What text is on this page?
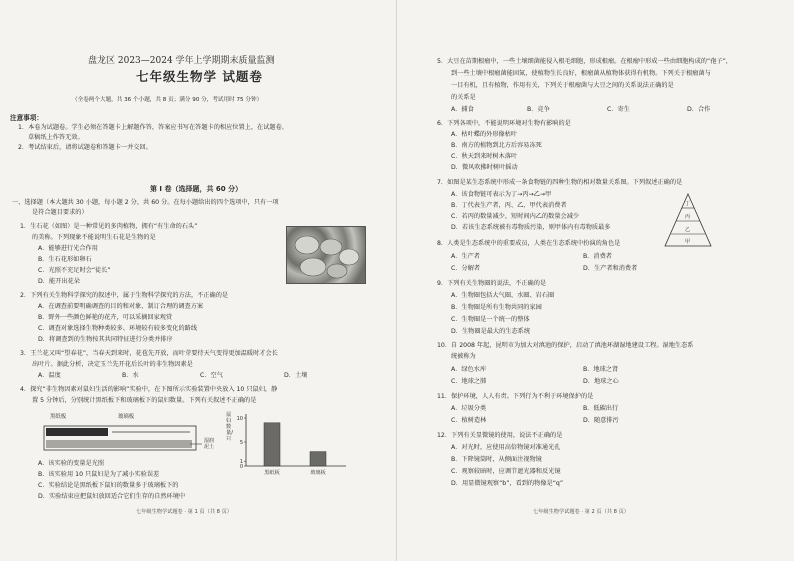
盘龙区 2023—2024 学年上学期期末质量监测
七年级生物学 试题卷
（全卷两个大题，共 36 个小题，共 8 页；满分 90 分，考试用时 75 分钟）
注意事项：
1．本卷为试题卷。学生必须在答题卡上解题作答，答案应书写在答题卡的相应位置上，在试题卷、
草稿纸上作答无效。
2．考试结束后，请将试题卷和答题卡一并交回。
第 I 卷（选择题，共 60 分）
一、选择题（本大题共 30 小题，每小题 2 分，共 60 分。在每小题给出的四个选项中，只有一项
是符合题目要求的）
1．生石花（如图）是一种常见的多肉植物，拥有“有生命的石头”
的美称。下列现象不能说明生石花是生物的是
A．能够进行光合作用
B．生石花形如卵石
C．光照不充足时会“徒长”
D．能开出花朵
2．下列有关生物科学探究的叙述中，属于生物科学探究的方法，不正确的是
A．在调查前要明确调查的目的和对象，制订合理的调查方案
B．野外一些颜色鲜艳的花卉，可以采摘回家观赏
C．调查对象选择生物种类较多、环境较有较多变化的路线
D．将调查到的生物按其共同特征进行分类并排序
3．王兰花又叫“望春花”，当春天到来时，花苞先开放，而叶芽要待天气变得更加温暖时才会长
出叶片。据此分析，决定玉兰先开花后长叶的非生物因素是
A．温度	B．水	C．空气	D．土壤
4．探究“非生物因素对鼠妇生活的影响”实验中，在下图所示实验装置中央放入 10 只鼠妇，静
置 5 分钟后，分别统计黑纸板下和玻璃板下的鼠妇数量。下列有关叙述不正确的是
黑纸板	玻璃板
湿润
泥土
鼠妇数量/只
10
5
1
0
黑纸板	玻璃板
A．该实验的变量是光照
B．该实验用 10 只鼠妇是为了减小实验误差
C．实验结论是黑纸板下鼠妇的数量多于玻璃板下的
D．实验结束应把鼠妇放回适合它们生存的自然环境中
七年级生物学试题卷 · 第 1 页（共 8 页）
5．大豆在苗期根瘤中，一些土壤细菌能侵入根毛细胞，形成根瘤。在根瘤中形成一些由细胞构成的“孢子”，
到一些土壤中根瘤菌能固氮，使植物生长良好，根瘤菌从植物体获得有机物。下列关于根瘤菌与
一目有机，且有植物，作用有关，下列关于根瘤菌与大豆之间的关系说法正确的是
的关系是
A．捕食	B．竞争	C．寄生	D．合作
6．下列各项中，不能说明环境对生物有影响的是
A．枯叶蝶的外形像枯叶
B．南方的植物到北方后容易冻死
C．秋天到来时树木落叶
D．微风吹拂时树叶摇动
7．如图是某生态系统中形成一条食物链的四种生物的相对数量关系图。下列叙述正确的是
A．该食物链可表示为丁→丙→乙→甲
B．丁代表生产者，丙、乙、甲代表消费者
C．若丙的数量减少，短时间内乙的数量会减少
D．若该生态系统被有毒物质污染，则甲体内有毒物质最多
丁
丙
乙
甲
8．人类是生态系统中的重要成员，人类在生态系统中扮演的角色是
A．生产者	B．消费者
C．分解者	D．生产者和消费者
9．下列有关生物圈的说法，不正确的是
A．生物圈包括大气圈、水圈、岩石圈
B．生物圈是所有生物共同的家园
C．生物圈是一个统一的整体
D．生物圈是最大的生态系统
10．自 2008 年起，昆明市为加大对滇池的保护，启动了滇池环湖湿地建设工程。湿地生态系
统被称为
A．绿色水库	B．地球之肾
C．地球之肺	D．地球之心
11．保护环境，人人有责。下列行为不利于环境保护的是
A．垃圾分类	B．低碳出行
C．植树造林	D．随意排污
12．下列有关显微镜的使用，说法不正确的是
A．对光时，应使用高倍物镜对准通光孔
B．下降镜筒时，从侧面注视物镜
C．观察较暗时，应调节遮光器和反光镜
D．用显微镜观察“b”，看到的物像是“q”
七年级生物学试题卷 · 第 2 页（共 8 页）
